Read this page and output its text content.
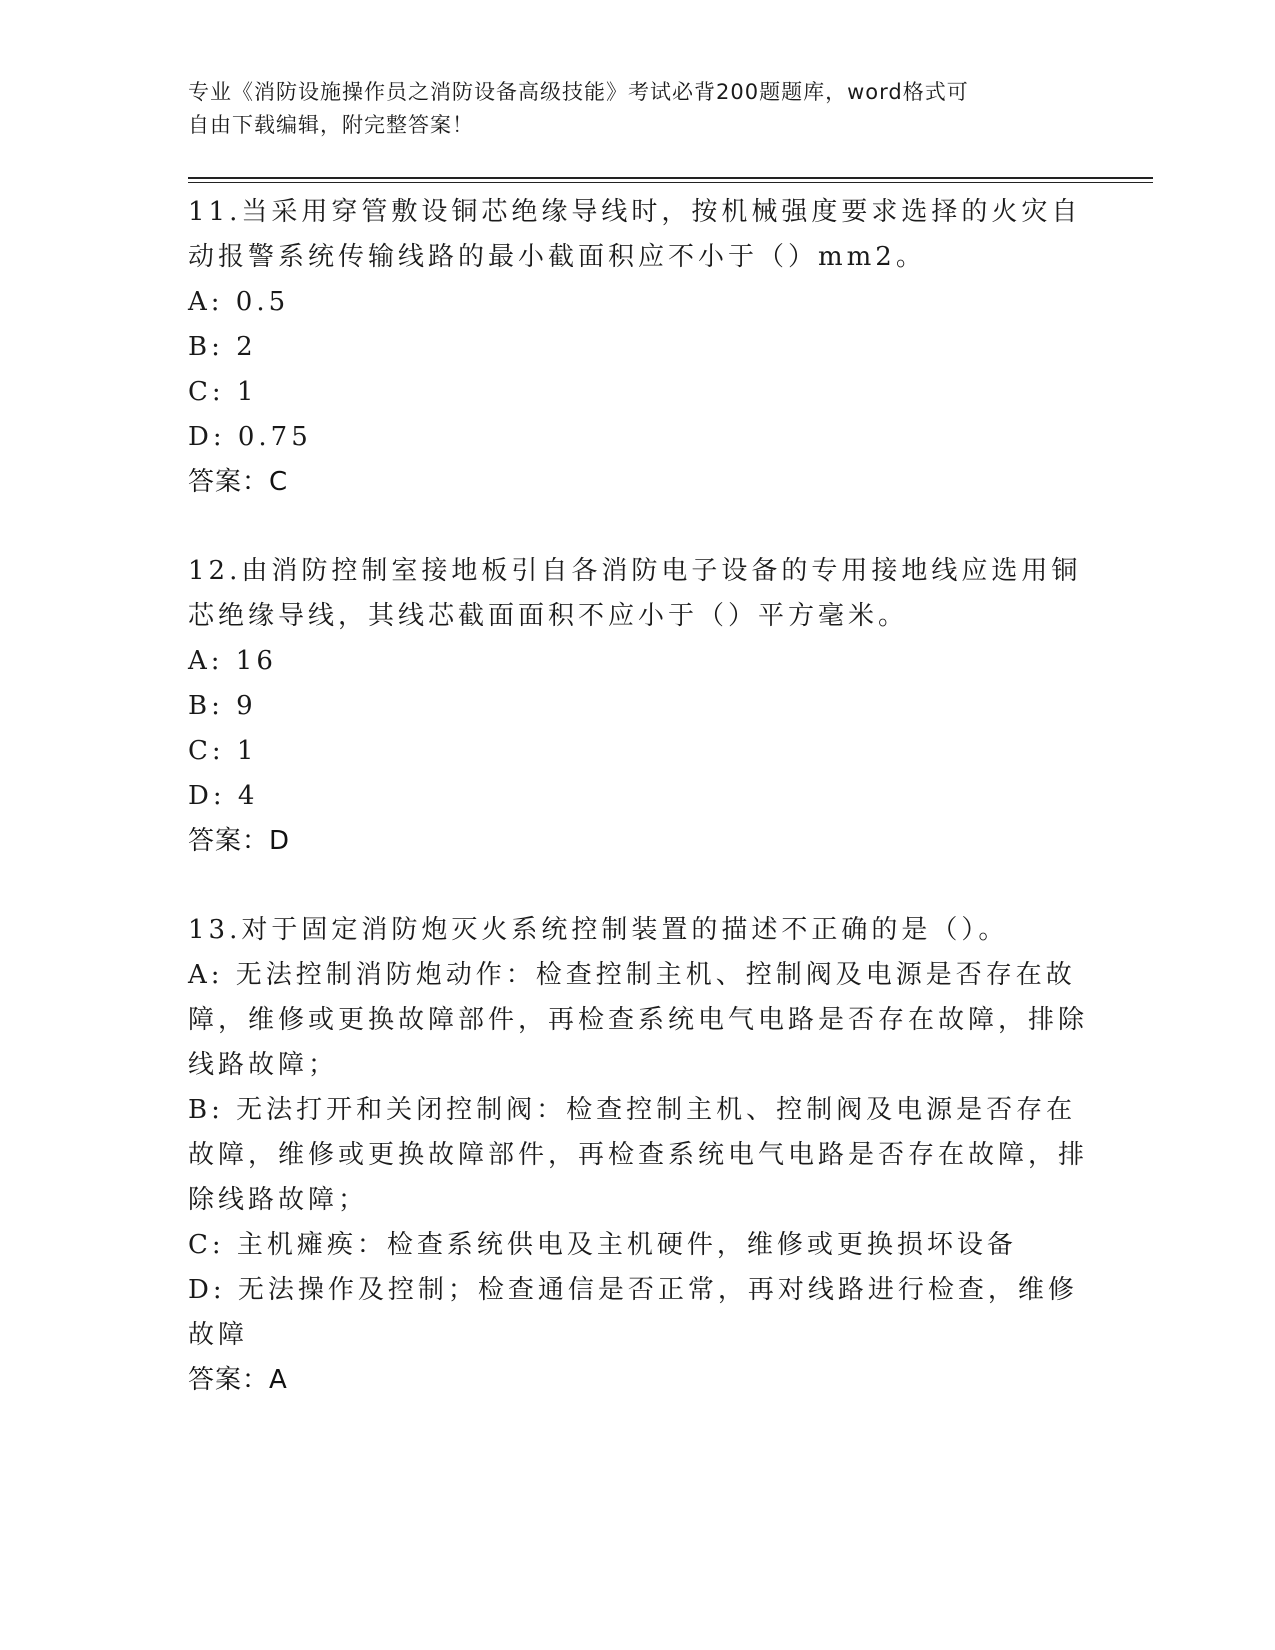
专业《消防设施操作员之消防设备高级技能》考试必背200题题库，word格式可
自由下载编辑，附完整答案！

11.当采用穿管敷设铜芯绝缘导线时，按机械强度要求选择的火灾自动报警系统传输线路的最小截面积应不小于（）mm2。

A: 0.5

B: 2

C: 1

D: 0.75

答案：C

12.由消防控制室接地板引自各消防电子设备的专用接地线应选用铜芯绝缘导线，其线芯截面面积不应小于（）平方毫米。

A: 16

B: 9

C: 1

D: 4

答案：D

13.对于固定消防炮灭火系统控制装置的描述不正确的是（）。

A: 无法控制消防炮动作：检查控制主机、控制阀及电源是否存在故障，维修或更换故障部件，再检查系统电气电路是否存在故障，排除线路故障；

B: 无法打开和关闭控制阀：检查控制主机、控制阀及电源是否存在故障，维修或更换故障部件，再检查系统电气电路是否存在故障，排除线路故障；

C: 主机瘫痪：检查系统供电及主机硬件，维修或更换损坏设备

D: 无法操作及控制；检查通信是否正常，再对线路进行检查，维修故障

答案：A
